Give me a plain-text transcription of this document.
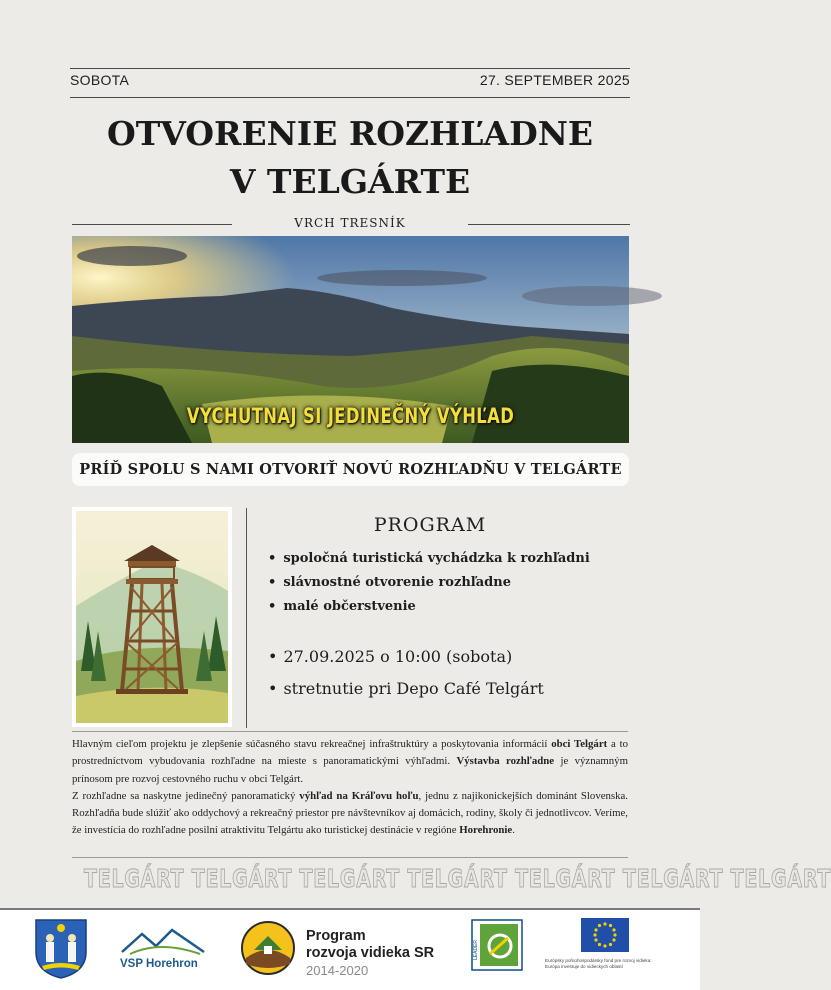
SOBOTA	27. SEPTEMBER 2025
OTVORENIE ROZHĽADNE
V TELGÁRTE
VRCH TRESNÍK
VYCHUTNAJ SI JEDINEČNÝ VÝHĽAD
PRÍĎ SPOLU S NAMI OTVORIŤ NOVÚ ROZHĽADŇU V TELGÁRTE
PROGRAM
• spoločná turistická vychádzka k rozhľadni
• slávnostné otvorenie rozhľadne
• malé občerstvenie
• 27.09.2025 o 10:00 (sobota)
• stretnutie pri Depo Café Telgárt

Hlavným cieľom projektu je zlepšenie súčasného stavu rekreačnej infraštruktúry a poskytovania informácií obci Telgárt a to prostredníctvom vybudovania rozhľadne na mieste s panoramatickými výhľadmi. Výstavba rozhľadne je významným prínosom pre rozvoj cestovného ruchu v obci Telgárt.

Z rozhľadne sa naskytne jedinečný panoramatický výhľad na Kráľovu hoľu, jednu z najikonickejších dominánt Slovenska. Rozhľadňa bude slúžiť ako oddychový a rekreačný priestor pre návštevníkov aj domácich, rodiny, školy či jednotlivcov. Veríme, že investícia do rozhľadne posilní atraktivitu Telgártu ako turistickej destinácie v regióne Horehronie.

TELGÁRT TELGÁRT TELGÁRT TELGÁRT TELGÁRT TELGÁRT TELGÁRT
VSP Horehron
Program
rozvoja vidieka SR
2014-2020
LEADER
Európsky poľnohospodársky fond pre rozvoj vidieka:
Európa investuje do vidieckych oblastí
